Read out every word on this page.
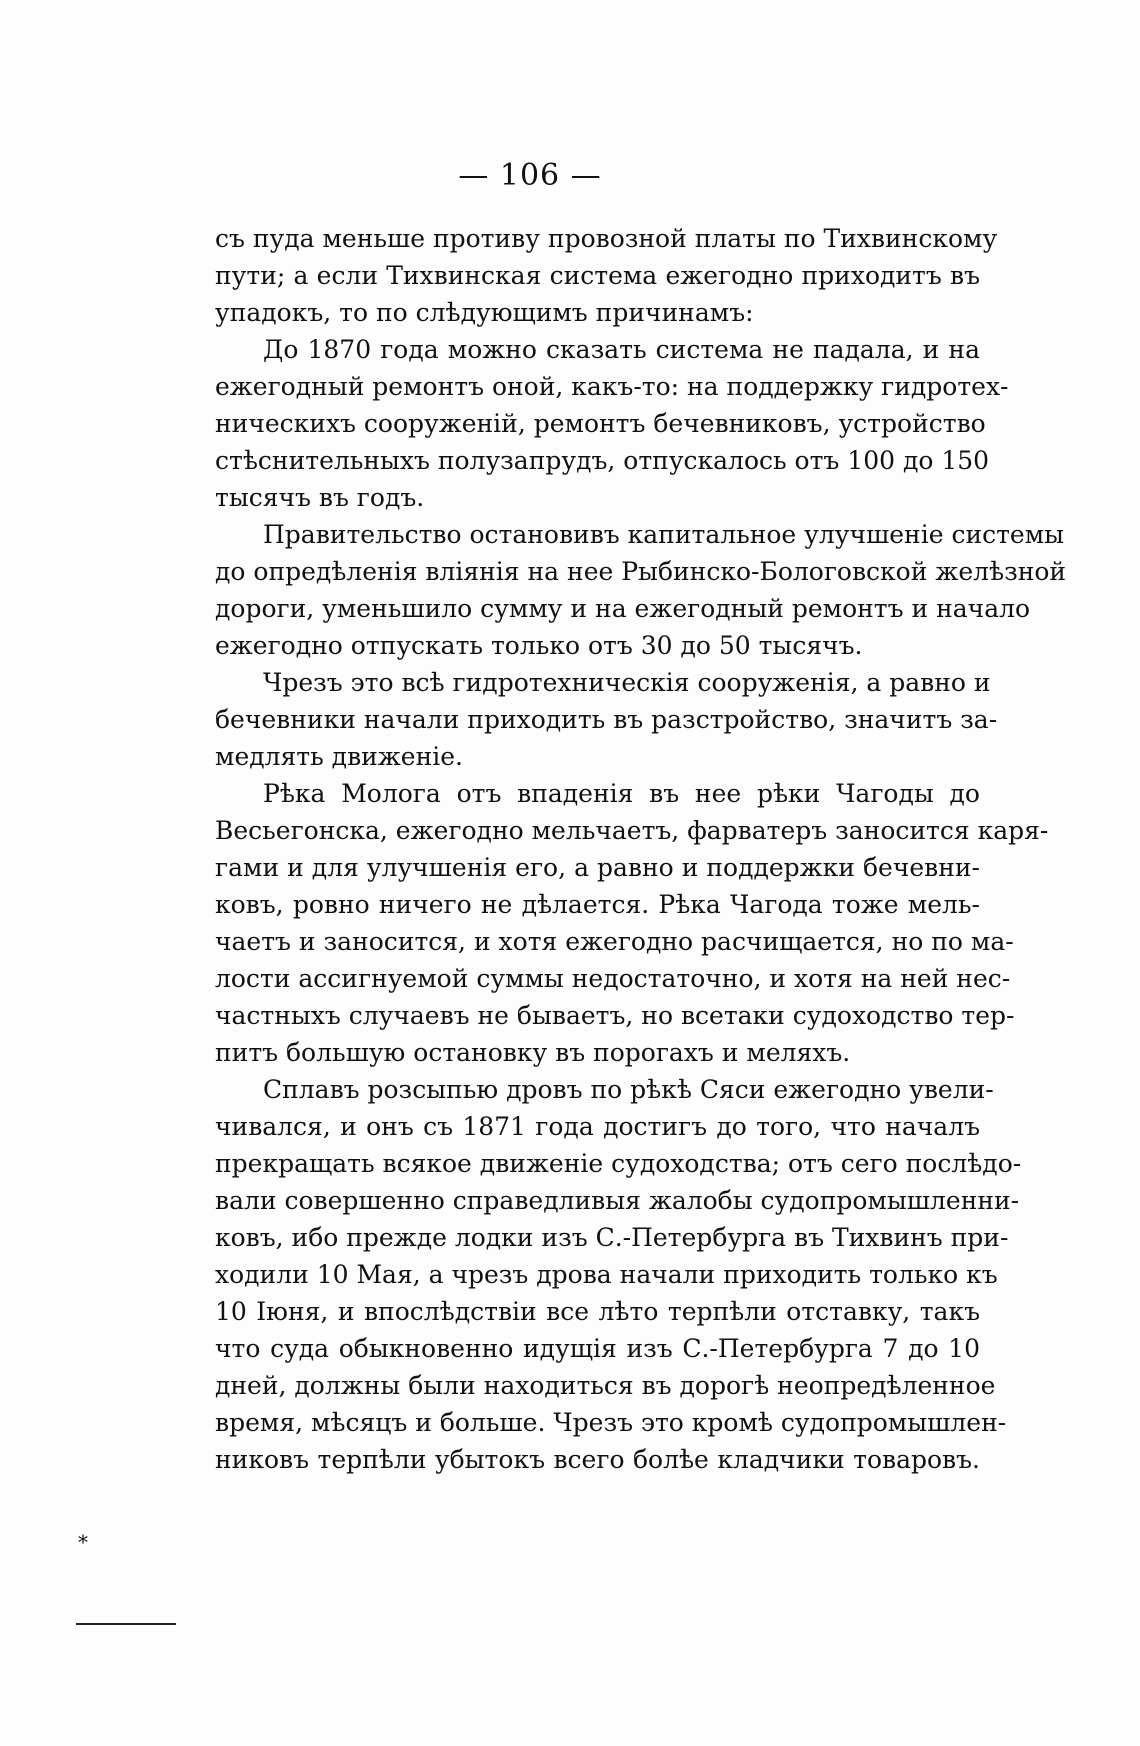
— 106 —

съ пуда меньше противу провозной платы по Тихвинскому
пути; а если Тихвинская система ежегодно приходитъ въ
упадокъ, то по слѣдующимъ причинамъ:

До 1870 года можно сказать система не падала, и на
ежегодный ремонтъ оной, какъ-то: на поддержку гидротех-
ническихъ сооруженій, ремонтъ бечевниковъ, устройство
стѣснительныхъ полузапрудъ, отпускалось отъ 100 до 150
тысячъ въ годъ.

Правительство остановивъ капитальное улучшеніе системы
до опредѣленія вліянія на нее Рыбинско-Бологовской желѣзной
дороги, уменьшило сумму и на ежегодный ремонтъ и начало
ежегодно отпускать только отъ 30 до 50 тысячъ.

Чрезъ это всѣ гидротехническія сооруженія, а равно и
бечевники начали приходить въ разстройство, значитъ за-
медлять движеніе.

Рѣка Молога отъ впаденія въ нее рѣки Чагоды до
Весьегонска, ежегодно мельчаетъ, фарватеръ заносится каря-
гами и для улучшенія его, а равно и поддержки бечевни-
ковъ, ровно ничего не дѣлается. Рѣка Чагода тоже мель-
чаетъ и заносится, и хотя ежегодно расчищается, но по ма-
лости ассигнуемой суммы недостаточно, и хотя на ней нес-
частныхъ случаевъ не бываетъ, но всетаки судоходство тер-
питъ большую остановку въ порогахъ и меляхъ.

Сплавъ розсыпью дровъ по рѣкѣ Сяси ежегодно увели-
чивался, и онъ съ 1871 года достигъ до того, что началъ
прекращать всякое движеніе судоходства; отъ сего послѣдо-
вали совершенно справедливыя жалобы судопромышленни-
ковъ, ибо прежде лодки изъ С.-Петербурга въ Тихвинъ при-
ходили 10 Мая, а чрезъ дрова начали приходить только къ
10 Іюня, и впослѣдствіи все лѣто терпѣли отставку, такъ
что суда обыкновенно идущія изъ С.-Петербурга 7 до 10
дней, должны были находиться въ дорогѣ неопредѣленное
время, мѣсяцъ и больше. Чрезъ это кромѣ судопромышлен-
никовъ терпѣли убытокъ всего болѣе кладчики товаровъ.

*
